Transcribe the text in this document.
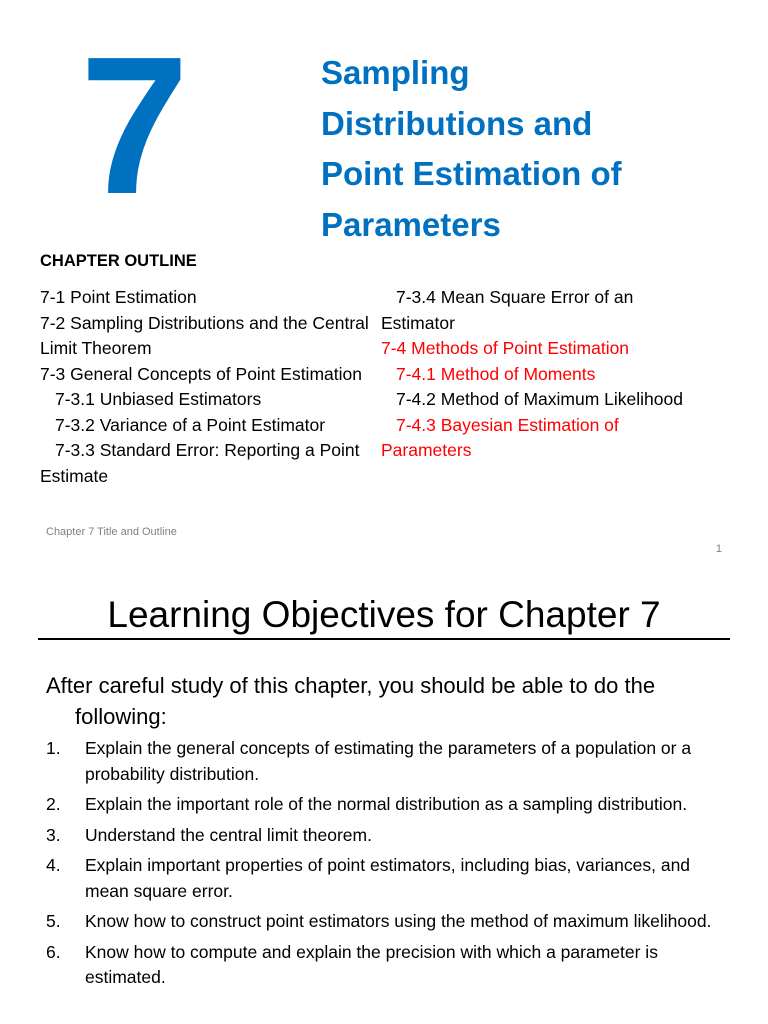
7	Sampling
Distributions and
Point Estimation of
Parameters
CHAPTER OUTLINE
7-1 Point Estimation
7-2 Sampling Distributions and the Central Limit Theorem
7-3 General Concepts of Point Estimation
7-3.1 Unbiased Estimators
7-3.2 Variance of a Point Estimator
7-3.3 Standard Error: Reporting a Point Estimate
7-3.4 Mean Square Error of an Estimator
7-4 Methods of Point Estimation
7-4.1 Method of Moments
7-4.2 Method of Maximum Likelihood
7-4.3 Bayesian Estimation of Parameters
Chapter 7 Title and Outline
1
Learning Objectives for Chapter 7
After careful study of this chapter, you should be able to do the following:
1. Explain the general concepts of estimating the parameters of a population or a probability distribution.
2. Explain the important role of the normal distribution as a sampling distribution.
3. Understand the central limit theorem.
4. Explain important properties of point estimators, including bias, variances, and mean square error.
5. Know how to construct point estimators using the method of maximum likelihood.
6. Know how to compute and explain the precision with which a parameter is estimated.
